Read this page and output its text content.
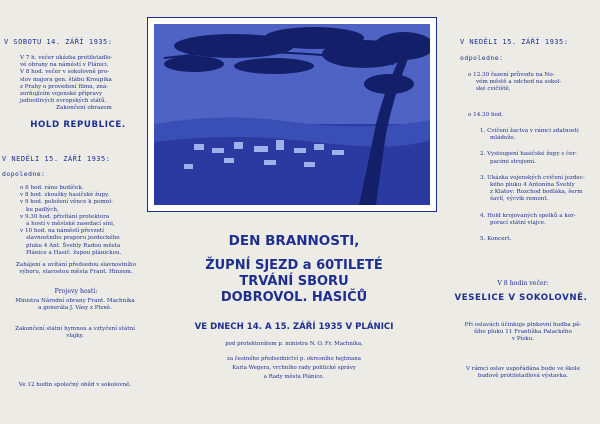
V SOBOTU 14. ZÁŘÍ 1935:
V 7 h. večer ukázka protiletadlo-
vé obrany na náměstí v Plánici.
V 8 hod. večer v sokolovně pro-
slov majora gen. štábu Kroupika
z Prahy o provedení filmu, zná-
zorňujícím vojenské přípravy
jednotlivých evropských států.
Zakončení obrazem
HOLD REPUBLICE.
V NEDĚLI 15. ZÁŘÍ 1935:
dopoledne:
o 6 hod. ráno budíček.
v 8 hod. zkoušky hasičské župy.
v 9 hod. položení věnce k pomní-
ku padlých,
v 9.30 hod. přivítání protektora
a hostí v městské zasedací síni,
v 10 hod. na náměstí převzetí
slavnostního praporu jezdeckého
pluku 4 Ant. Švehly Radou města
Plánice a Hasič. župou plánickou.
Zahájení a uvítání předsedou slavnostního
výboru, starostou města Frant. Hinzem.
Projevy hostí:
Ministra Národní obrany Frant. Machníka
a generála J. Vásy z Plzně.
Zakončení státní hymnou a vztyčení státní
vlajky.
Ve 12 hodin společný oběd v sokolovně.
DEN BRANNOSTI,
ŽUPNÍ SJEZD a 60TILETÉ
TRVÁNÍ SBORU
DOBROVOL. HASIČŮ
VE DNECH 14. A 15. ZÁŘÍ 1935 V PLÁNICI
pod protektorátem p. ministra N. O. Fr. Machníka,
za čestného předsednictví p. okresního hejtmana
Karla Wegera, vrchního rady politické správy
a Rady města Plánice.
V NEDĚLI 15. ZÁŘÍ 1935:
odpoledne:
o 12.30 řazení průvodu na No-
vém městě a odchod na sokol-
ské cvičiště,
o 14.30 hod.
1. Cvičení žactva v rámci zdatnosti
mládeže.
2. Vystoupení hasičské župy s čer-
pacími strojemi.
3. Ukázka vojenských cvičení jezdec-
kého pluku 4 Antonína Švehly
z Klatov: Rozchod bodláka, šerm
šavlí, výcvik remont.
4. Hold krojovaných spolků a kor-
porací státní vlajce.
5. Koncert.
V 8 hodin večer:
VESELICE V SOKOLOVNĚ.
Při oslavách účinkuje plnkovní hudba pě-
šího pluku 11 Františka Palackého
v Písku.
V rámci oslav uspořádána bude ve škole
budově protiletadlová výstavka.
